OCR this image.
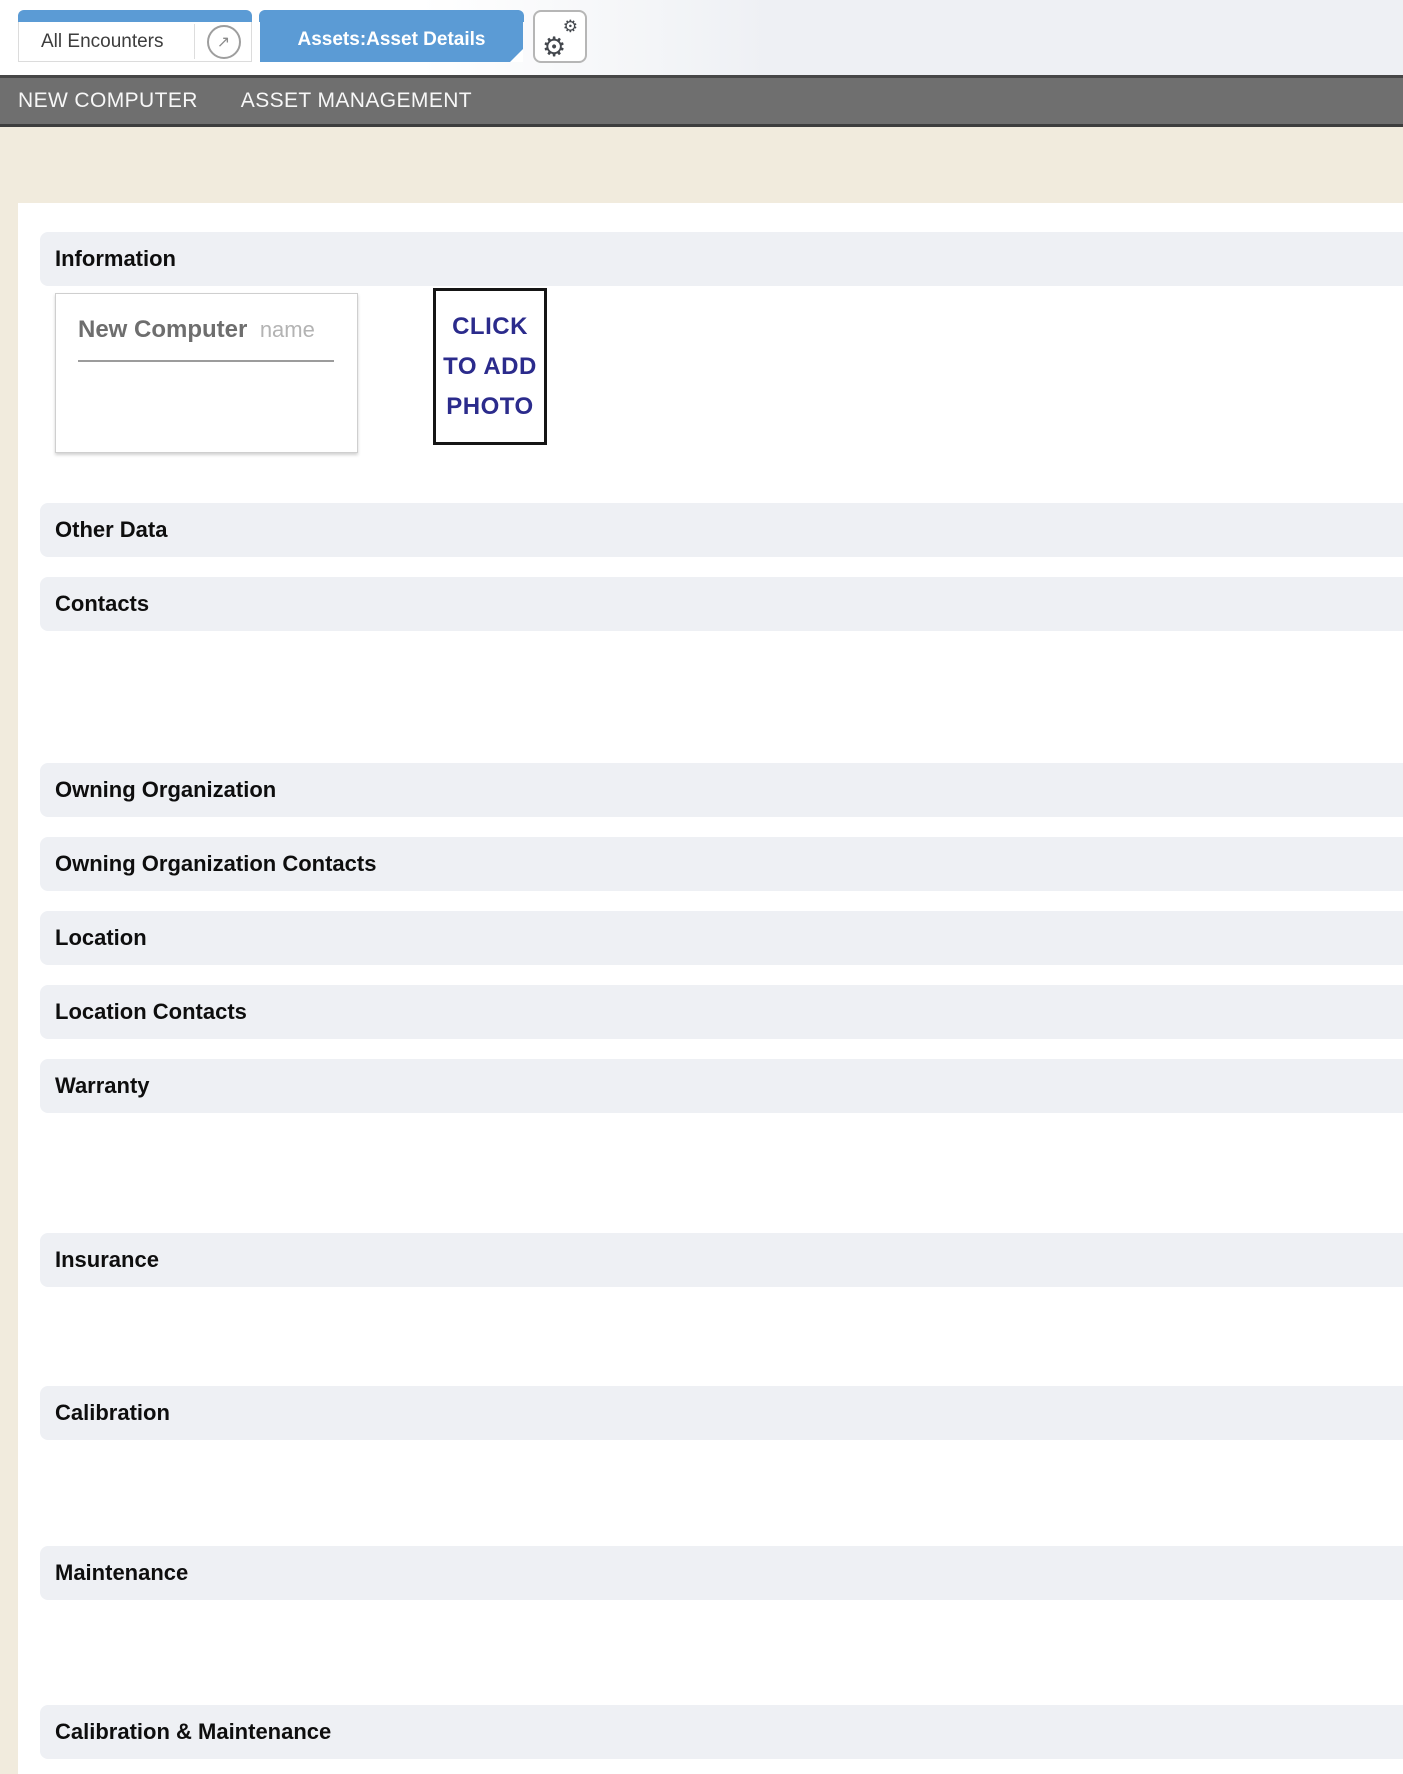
All Encounters	↗	Assets:Asset Details ⚙
⚙
NEW COMPUTER ASSET MANAGEMENT
Information
New Computer name	CLICK
TO ADD
PHOTO
Other Data
Contacts
Owning Organization
Owning Organization Contacts
Location
Location Contacts
Warranty
Insurance
Calibration
Maintenance
Calibration & Maintenance
